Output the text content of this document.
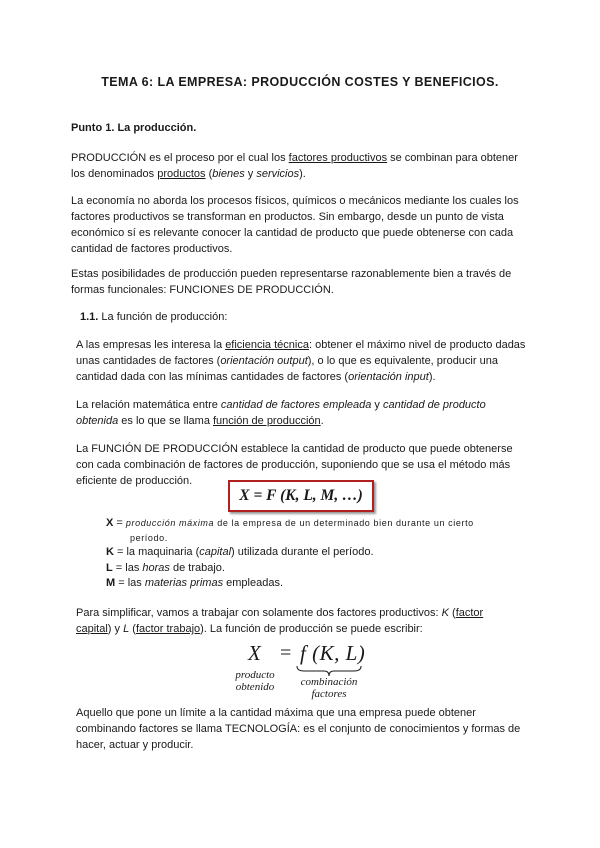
TEMA 6: LA EMPRESA: PRODUCCIÓN COSTES Y BENEFICIOS.
Punto 1. La producción.
PRODUCCIÓN es el proceso por el cual los factores productivos se combinan para obtener los denominados productos (bienes y servicios).
La economía no aborda los procesos físicos, químicos o mecánicos mediante los cuales los factores productivos se transforman en productos. Sin embargo, desde un punto de vista económico sí es relevante conocer la cantidad de producto que puede obtenerse con cada cantidad de factores productivos.
Estas posibilidades de producción pueden representarse razonablemente bien a través de formas funcionales: FUNCIONES DE PRODUCCIÓN.
1.1. La función de producción:
A las empresas les interesa la eficiencia técnica: obtener el máximo nivel de producto dadas unas cantidades de factores (orientación output), o lo que es equivalente, producir una cantidad dada con las mínimas cantidades de factores (orientación input).
La relación matemática entre cantidad de factores empleada y cantidad de producto obtenida es lo que se llama función de producción.
La FUNCIÓN DE PRODUCCIÓN establece la cantidad de producto que puede obtenerse con cada combinación de factores de producción, suponiendo que se usa el método más eficiente de producción.
X = F (K, L, M, …)
X = producción máxima de la empresa de un determinado bien durante un cierto
período.
K = la maquinaria (capital) utilizada durante el período.
L = las horas de trabajo.
M = las materias primas empleadas.
Para simplificar, vamos a trabajar con solamente dos factores productivos: K (factor capital) y L (factor trabajo). La función de producción se puede escribir:
X = f (K, L)
producto
obtenido	combinación
factores
Aquello que pone un límite a la cantidad máxima que una empresa puede obtener combinando factores se llama TECNOLOGÍA: es el conjunto de conocimientos y formas de hacer, actuar y producir.
